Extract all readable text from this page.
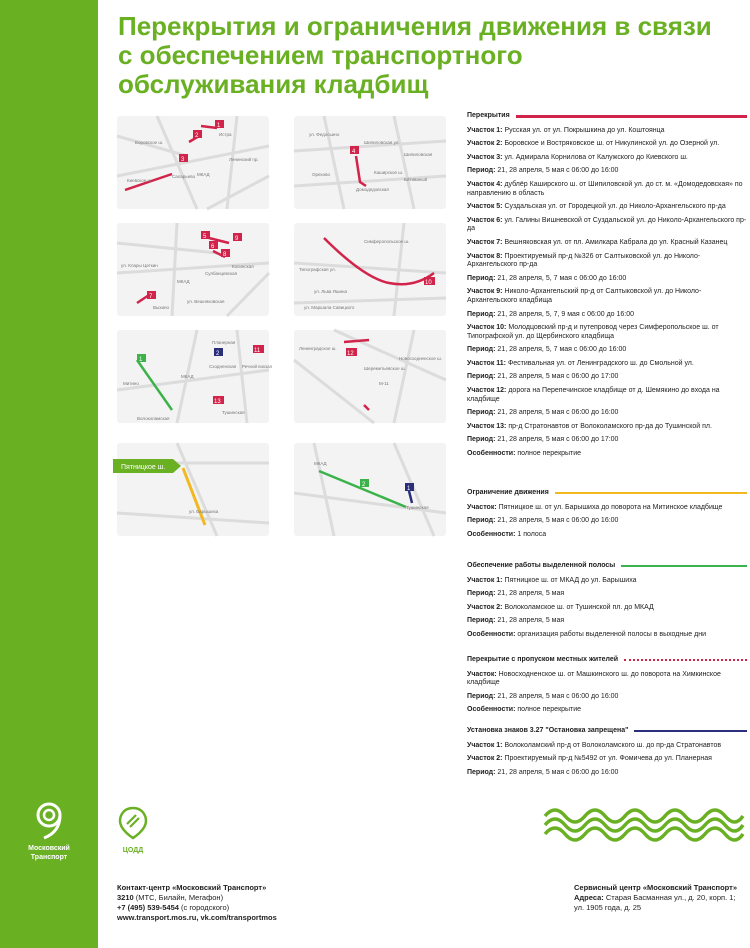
Московский
Транспорт
Перекрытия и ограничения движения в связи с обеспечением транспортного обслуживания кладбищ
1
2
3
Истра
Киевское ш.
Саларьево МКАД
Боровское ш.
Ленинский пр.
4
ул. Федосьино
Шипиловская ул.
Домодедовская
Орехово
Шипиловская
Каширское ш.
Бйтиваный
5
6
7
8
9
ул. Клары Цеткин
МКАД
Выхино
ул. Вешняковская
Сулбанцевская
Косинская
10
Симферопольское ш.
Типографская ул.
ул. Льва Яшина
ул. Маршала Савицкого
1
2	11
13
МКАД
Митино
Волоколамская
Планерная
Сходненская Речной вокзал
Тушинская
12
Ленинградское ш.
Шереметьевское ш.
М-11
Новосходненское ш.
Пятницкое ш.
ул. Барышиха
2
1
МКАД
Тушинская
Перекрытия
Участок 1: Русская ул. от ул. Покрышкина до ул. Коштоянца
Участок 2: Боровское и Востряковское ш. от Никулинской ул. до Озерной ул.
Участок 3: ул. Адмирала Корнилова от Калужского до Киевского ш.
Период: 21, 28 апреля, 5 мая с 06:00 до 16:00
Участок 4: дублёр Каширского ш. от Шипиловской ул. до ст. м. «Домодедовская» по направлению в область
Участок 5: Суздальская ул. от Городецкой ул. до Николо-Архангельского пр-да
Участок 6: ул. Галины Вишневской от Суздальской ул. до Николо-Архангельского пр-да
Участок 7: Вешняковская ул. от пл. Амилкара Кабрала до ул. Красный Казанец
Участок 8: Проектируемый пр-д №326 от Салтыковской ул. до Николо-Архангельского пр-да
Период: 21, 28 апреля, 5, 7 мая с 06:00 до 16:00
Участок 9: Николо-Архангельский пр-д от Салтыковской ул. до Николо-Архангельского кладбища
Период: 21, 28 апреля, 5, 7, 9 мая с 06:00 до 16:00
Участок 10: Молодцовский пр-д и путепровод через Симферопольское ш. от Типографской ул. до Щербинского кладбища
Период: 21, 28 апреля, 5, 7 мая с 06:00 до 16:00
Участок 11: Фестивальная ул. от Ленинградского ш. до Смольной ул.
Период: 21, 28 апреля, 5 мая с 06:00 до 17:00
Участок 12: дорога на Перепечинское кладбище от д. Шемякино до входа на кладбище
Период: 21, 28 апреля, 5 мая с 06:00 до 16:00
Участок 13: пр-д Стратонавтов от Волоколамского пр-да до Тушинской пл.
Период: 21, 28 апреля, 5 мая с 06:00 до 17:00
Особенности: полное перекрытие
Ограничение движения
Участок: Пятницкое ш. от ул. Барышиха до поворота на Митинское кладбище
Период: 21, 28 апреля, 5 мая с 06:00 до 16:00
Особенности: 1 полоса
Обеспечение работы выделенной полосы
Участок 1: Пятницкое ш. от МКАД до ул. Барышиха
Период: 21, 28 апреля, 5 мая
Участок 2: Волоколамское ш. от Тушинской пл. до МКАД
Период: 21, 28 апреля, 5 мая
Особенности: организация работы выделенной полосы в выходные дни
Перекрытие с пропуском местных жителей
Участок: Новосходненское ш. от Машкинского ш. до поворота на Химкинское кладбище
Период: 21, 28 апреля, 5 мая с 06:00 до 16:00
Особенности: полное перекрытие
Установка знаков 3.27 "Остановка запрещена"
Участок 1: Волоколамский пр-д от Волоколамского ш. до пр-да Стратонавтов
Участок 2: Проектируемый пр-д №5492 от ул. Фомичева до ул. Планерная
Период: 21, 28 апреля, 5 мая с 06:00 до 16:00
ЦОДД
Контакт-центр «Московский Транспорт»
3210 (МТС, Билайн, Мегафон)
+7 (495) 539-5454 (с городского)
www.transport.mos.ru, vk.com/transportmos
Сервисный центр «Московский Транспорт»
Адреса: Старая Басманная ул., д. 20, корп. 1;
ул. 1905 года, д. 25
